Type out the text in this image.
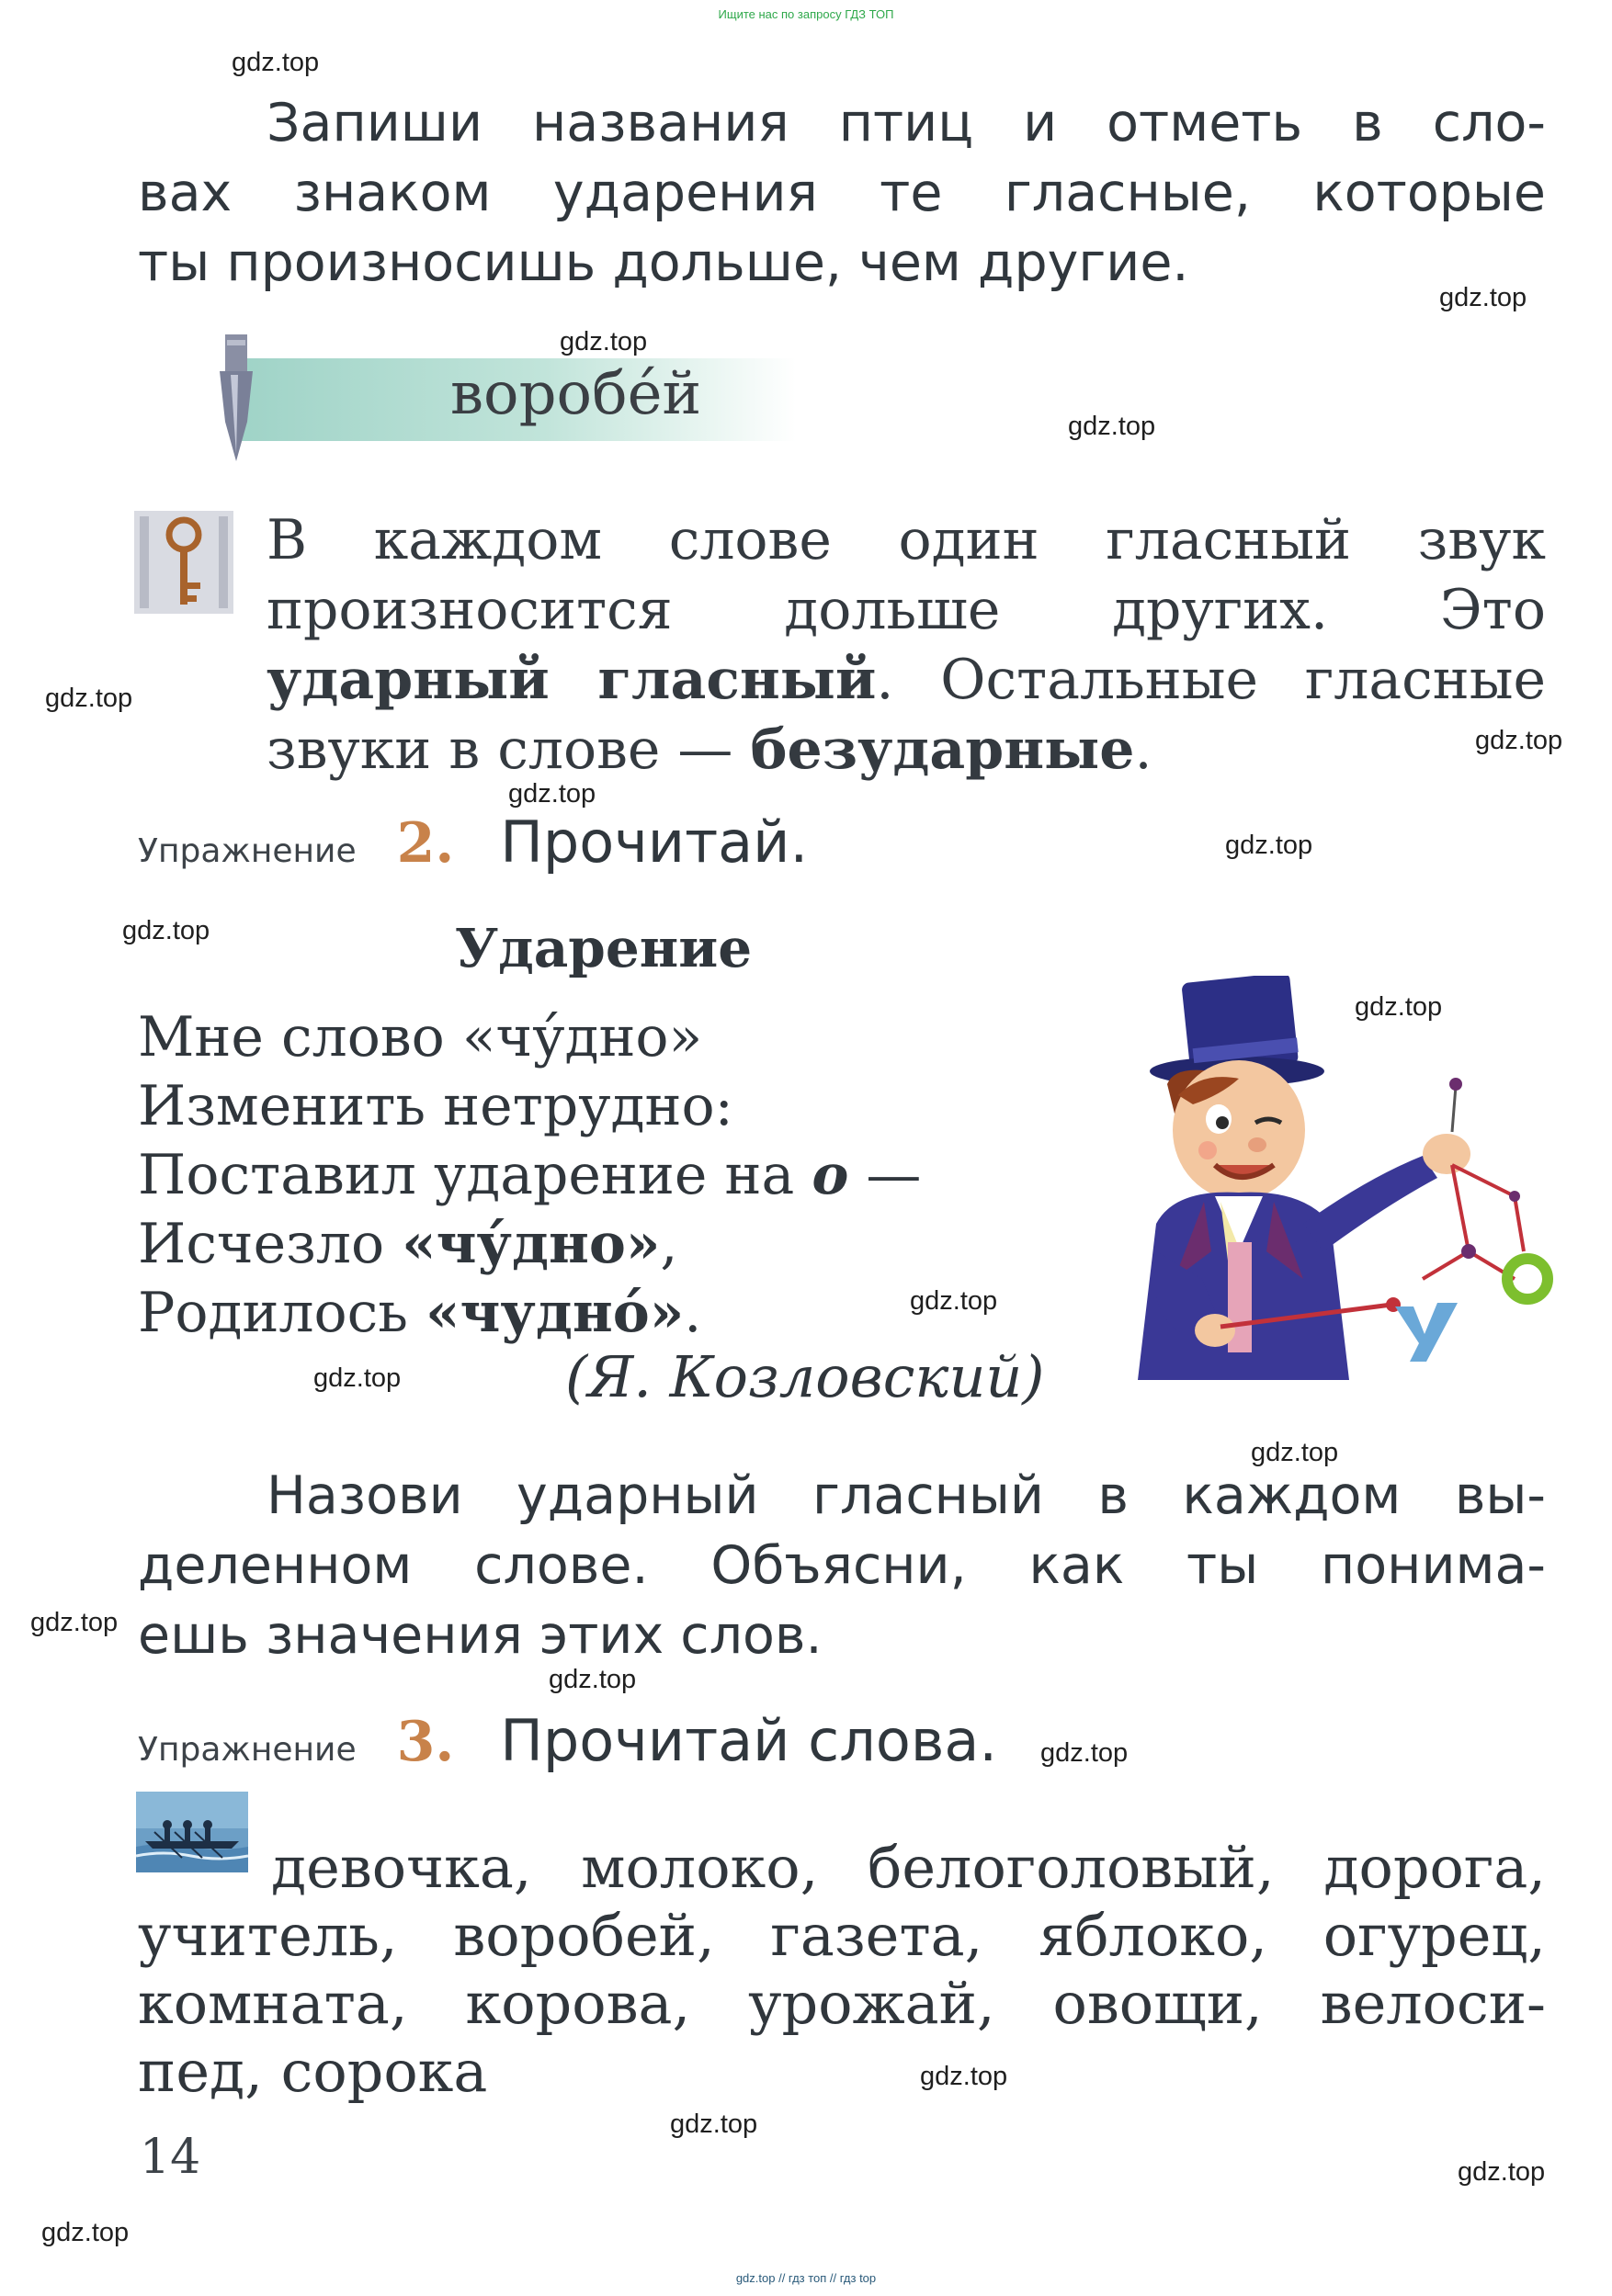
Ищите нас по запросу ГДЗ ТОП
Запиши названия птиц и отметь в сло-
вах знаком ударения те гласные, которые
ты произносишь дольше, чем другие.
воробе́й
В каждом слове один гласный звук
произносится дольше других. Это
ударный гласный. Остальные гласные
звуки в слове — безударные.
Упражнение 2. Прочитай.
Ударение
Мне слово «чу́дно»
Изменить нетрудно:
Поставил ударение на о —
Исчезло «чу́дно»,
Родилось «чудно́».
(Я. Козловский)
Назови ударный гласный в каждом вы-
деленном слове. Объясни, как ты понима-
ешь значения этих слов.
Упражнение 3. Прочитай слова.
девочка, молоко, белоголовый, дорога,
учитель, воробей, газета, яблоко, огурец,
комната, корова, урожай, овощи, велоси-
пед, сорока
14
gdz.top
gdz.top
gdz.top
gdz.top
gdz.top
gdz.top
gdz.top
gdz.top
gdz.top
gdz.top
gdz.top
gdz.top
gdz.top
gdz.top
gdz.top
gdz.top
gdz.top
gdz.top
gdz.top
gdz.top
gdz.top // гдз топ // гдз top
